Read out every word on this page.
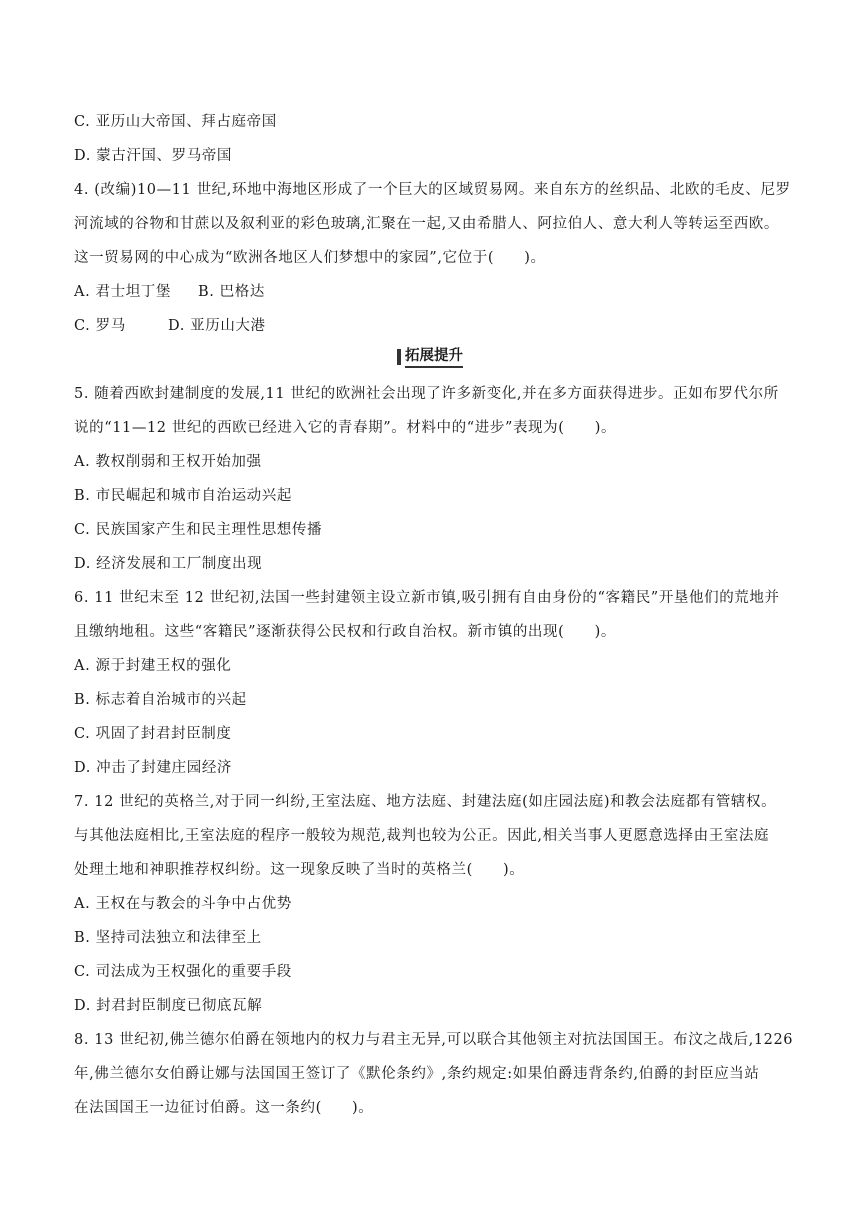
C. 亚历山大帝国、拜占庭帝国
D. 蒙古汗国、罗马帝国
4. (改编)10—11 世纪,环地中海地区形成了一个巨大的区域贸易网。来自东方的丝织品、北欧的毛皮、尼罗
河流域的谷物和甘蔗以及叙利亚的彩色玻璃,汇聚在一起,又由希腊人、阿拉伯人、意大利人等转运至西欧。
这一贸易网的中心成为“欧洲各地区人们梦想中的家园”,它位于(　　)。
A. 君士坦丁堡 B. 巴格达
C. 罗马	D. 亚历山大港
拓展提升
5. 随着西欧封建制度的发展,11 世纪的欧洲社会出现了许多新变化,并在多方面获得进步。正如布罗代尔所
说的“11—12 世纪的西欧已经进入它的青春期”。材料中的“进步”表现为(　　)。
A. 教权削弱和王权开始加强
B. 市民崛起和城市自治运动兴起
C. 民族国家产生和民主理性思想传播
D. 经济发展和工厂制度出现
6. 11 世纪末至 12 世纪初,法国一些封建领主设立新市镇,吸引拥有自由身份的“客籍民”开垦他们的荒地并
且缴纳地租。这些“客籍民”逐渐获得公民权和行政自治权。新市镇的出现(　　)。
A. 源于封建王权的强化
B. 标志着自治城市的兴起
C. 巩固了封君封臣制度
D. 冲击了封建庄园经济
7. 12 世纪的英格兰,对于同一纠纷,王室法庭、地方法庭、封建法庭(如庄园法庭)和教会法庭都有管辖权。
与其他法庭相比,王室法庭的程序一般较为规范,裁判也较为公正。因此,相关当事人更愿意选择由王室法庭
处理土地和神职推荐权纠纷。这一现象反映了当时的英格兰(　　)。
A. 王权在与教会的斗争中占优势
B. 坚持司法独立和法律至上
C. 司法成为王权强化的重要手段
D. 封君封臣制度已彻底瓦解
8. 13 世纪初,佛兰德尔伯爵在领地内的权力与君主无异,可以联合其他领主对抗法国国王。布汶之战后,1226
年,佛兰德尔女伯爵让娜与法国国王签订了《默伦条约》,条约规定:如果伯爵违背条约,伯爵的封臣应当站
在法国国王一边征讨伯爵。这一条约(　　)。
